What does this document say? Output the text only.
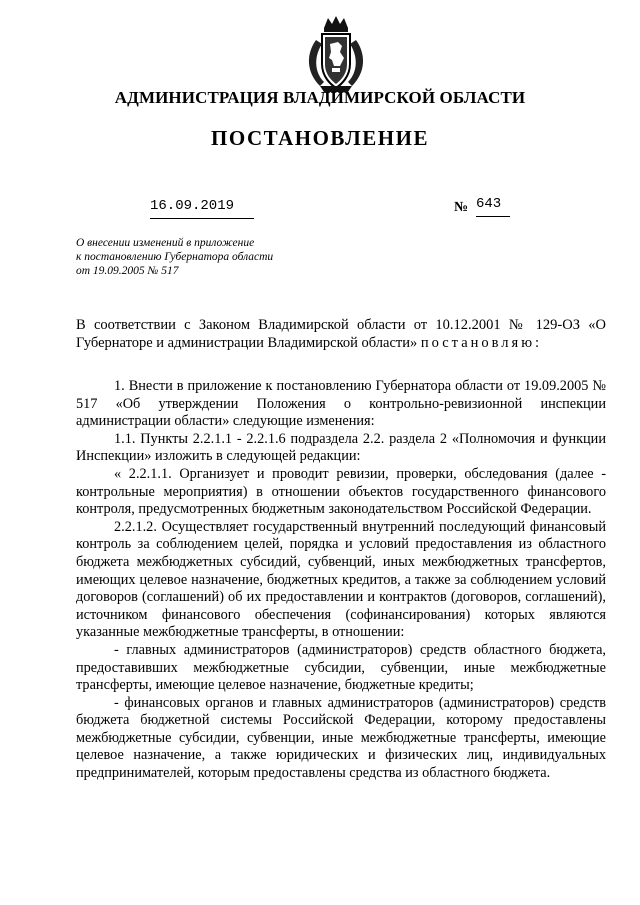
АДМИНИСТРАЦИЯ ВЛАДИМИРСКОЙ ОБЛАСТИ
ПОСТАНОВЛЕНИЕ
16.09.2019	№ 643
О внесении изменений в приложение
к постановлению Губернатора области
от 19.09.2005 № 517
В соответствии с Законом Владимирской области от 10.12.2001 № 129-ОЗ «О Губернаторе и администрации Владимирской области» постановляю:

1. Внести в приложение к постановлению Губернатора области от 19.09.2005 № 517 «Об утверждении Положения о контрольно-ревизионной инспекции администрации области» следующие изменения:

1.1. Пункты 2.2.1.1 - 2.2.1.6 подраздела 2.2. раздела 2 «Полномочия и функции Инспекции» изложить в следующей редакции:

« 2.2.1.1. Организует и проводит ревизии, проверки, обследования (далее - контрольные мероприятия) в отношении объектов государственного финансового контроля, предусмотренных бюджетным законодательством Российской Федерации.

2.2.1.2. Осуществляет государственный внутренний последующий финансовый контроль за соблюдением целей, порядка и условий предоставления из областного бюджета межбюджетных субсидий, субвенций, иных межбюджетных трансфертов, имеющих целевое назначение, бюджетных кредитов, а также за соблюдением условий договоров (соглашений) об их предоставлении и контрактов (договоров, соглашений), источником финансового обеспечения (софинансирования) которых являются указанные межбюджетные трансферты, в отношении:

- главных администраторов (администраторов) средств областного бюджета, предоставивших межбюджетные субсидии, субвенции, иные межбюджетные трансферты, имеющие целевое назначение, бюджетные кредиты;

- финансовых органов и главных администраторов (администраторов) средств бюджета бюджетной системы Российской Федерации, которому предоставлены межбюджетные субсидии, субвенции, иные межбюджетные трансферты, имеющие целевое назначение, а также юридических и физических лиц, индивидуальных предпринимателей, которым предоставлены средства из областного бюджета.
